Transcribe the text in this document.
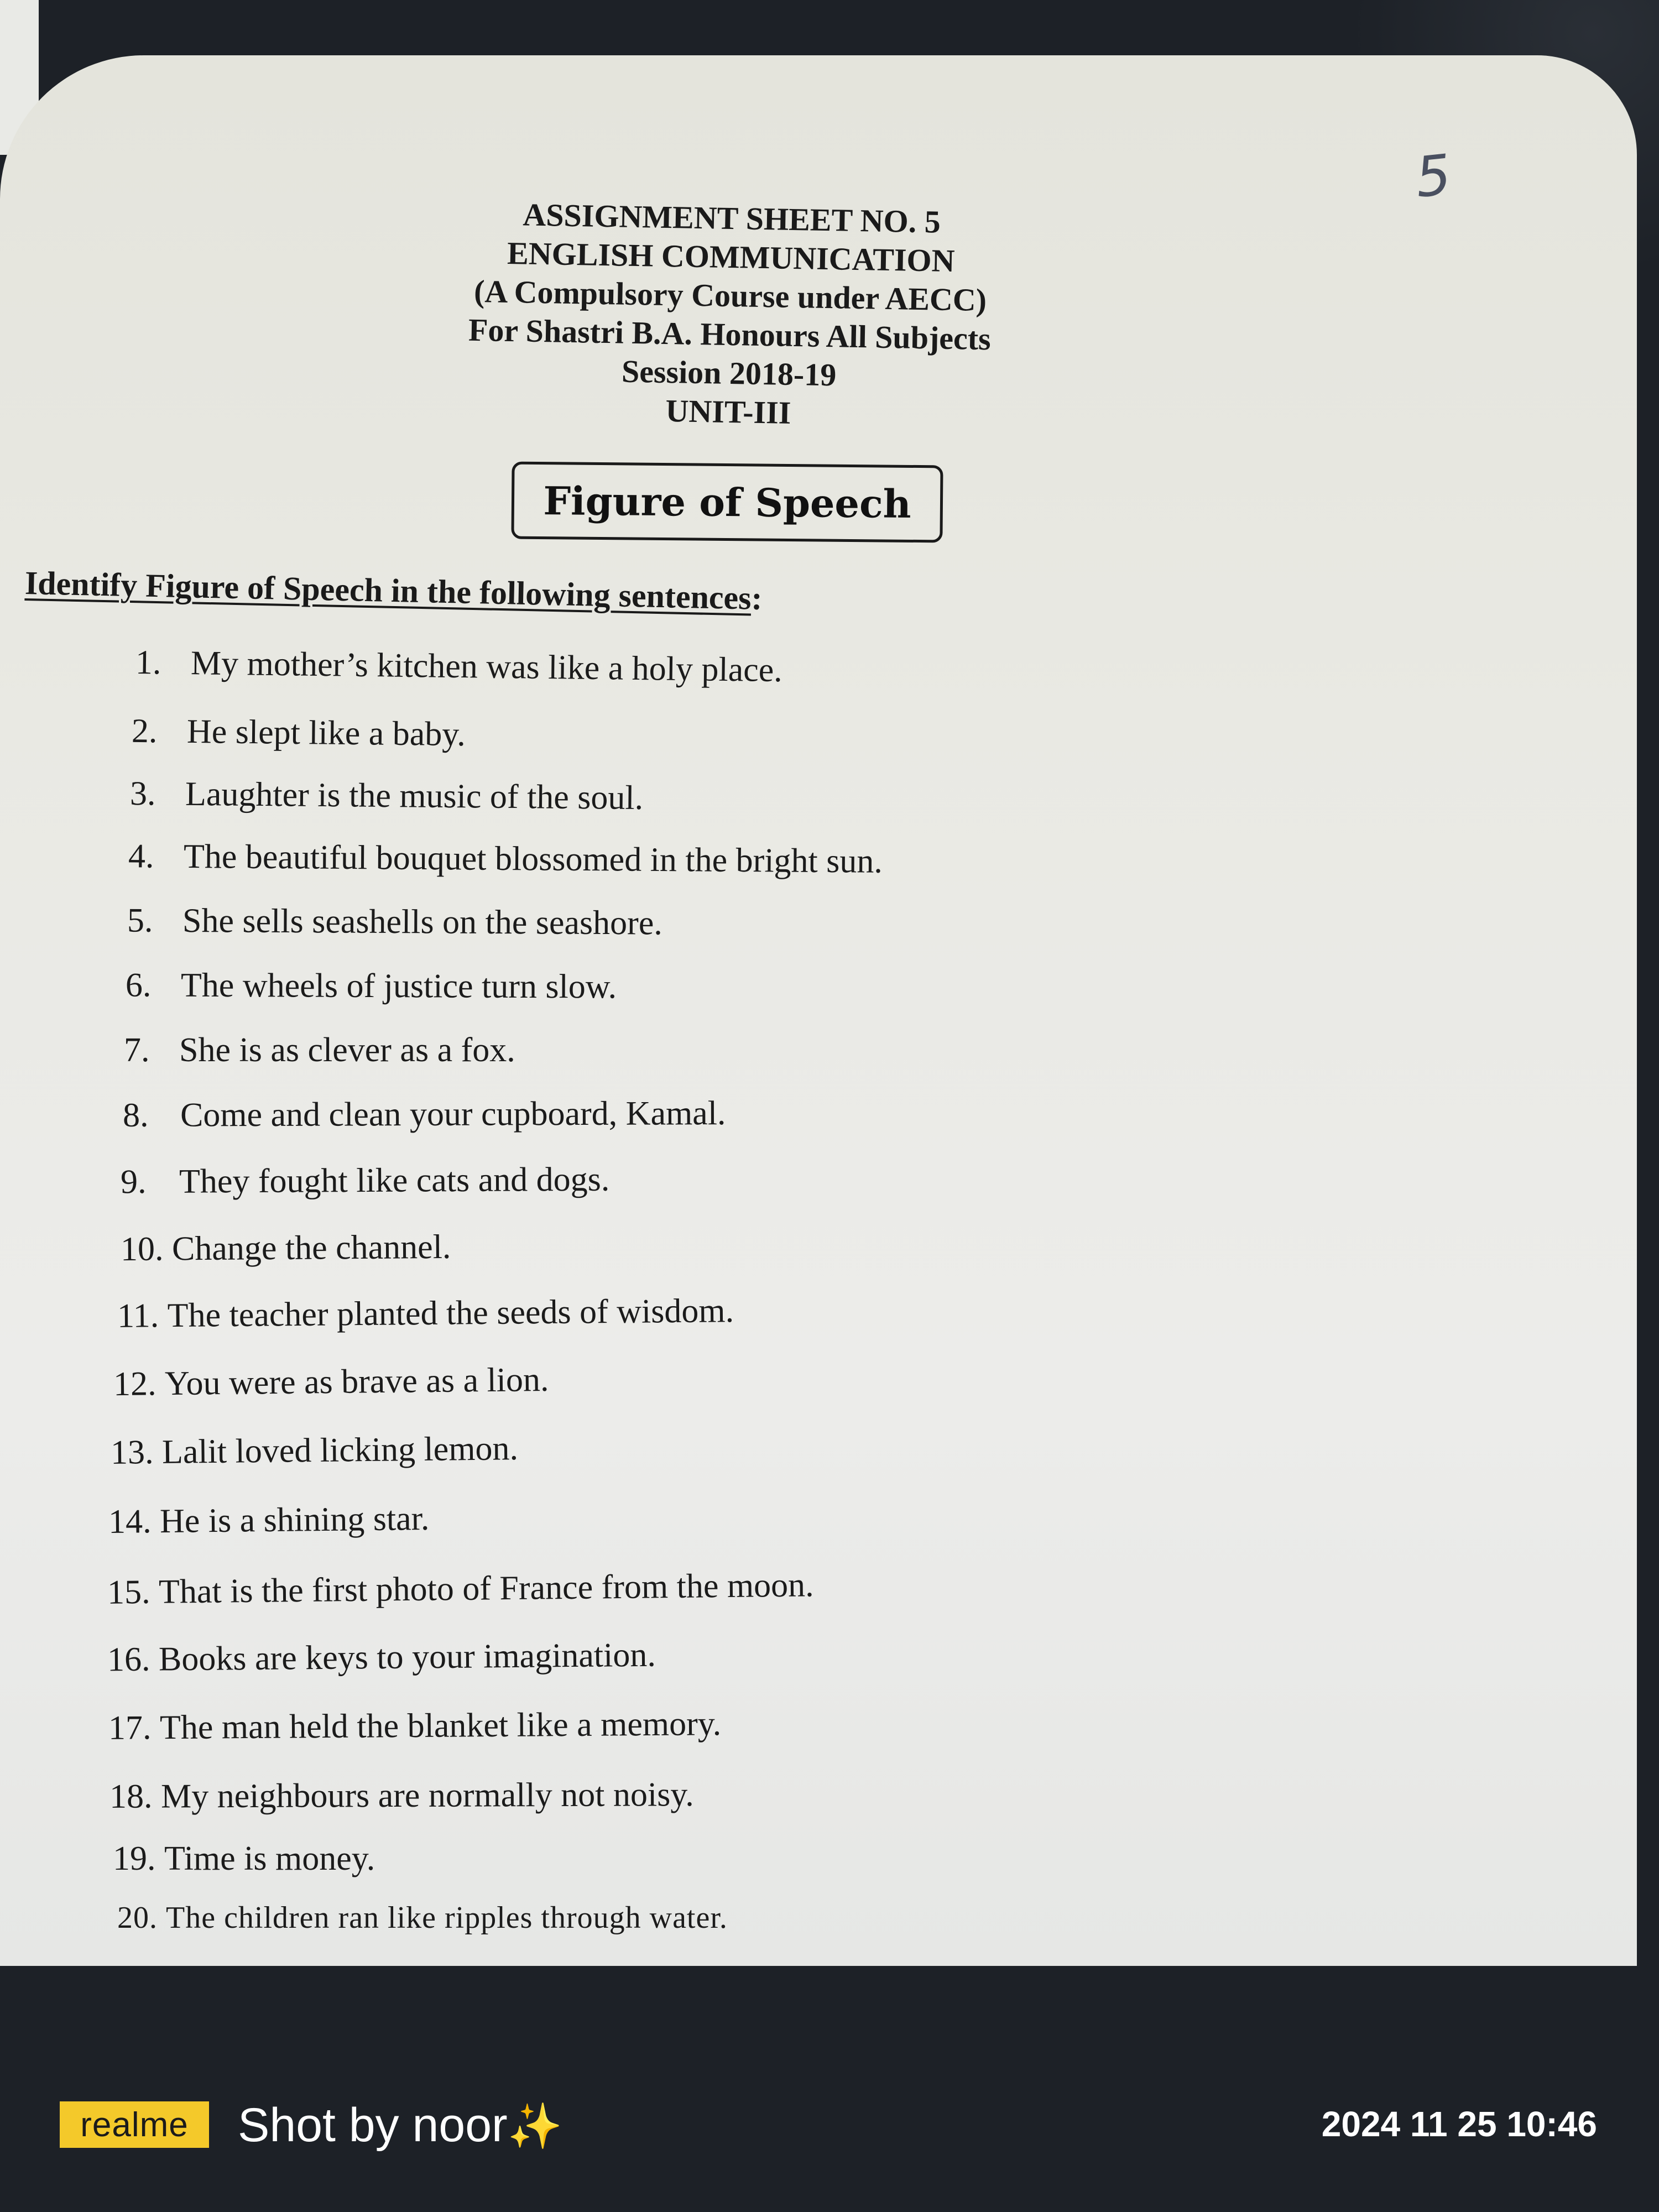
5
ASSIGNMENT SHEET NO. 5
ENGLISH COMMUNICATION
(A Compulsory Course under AECC)
For Shastri B.A. Honours All Subjects
Session 2018-19
UNIT-III
Figure of Speech
Identify Figure of Speech in the following sentences:
1. My mother’s kitchen was like a holy place.
2. He slept like a baby.
3. Laughter is the music of the soul.
4. The beautiful bouquet blossomed in the bright sun.
5. She sells seashells on the seashore.
6. The wheels of justice turn slow.
7. She is as clever as a fox.
8. Come and clean your cupboard, Kamal.
9. They fought like cats and dogs.
10. Change the channel.
11. The teacher planted the seeds of wisdom.
12. You were as brave as a lion.
13. Lalit loved licking lemon.
14. He is a shining star.
15. That is the first photo of France from the moon.
16. Books are keys to your imagination.
17. The man held the blanket like a memory.
18. My neighbours are normally not noisy.
19. Time is money.
20. The children ran like ripples through water.
realme Shot by noor✨	2024 11 25 10:46
